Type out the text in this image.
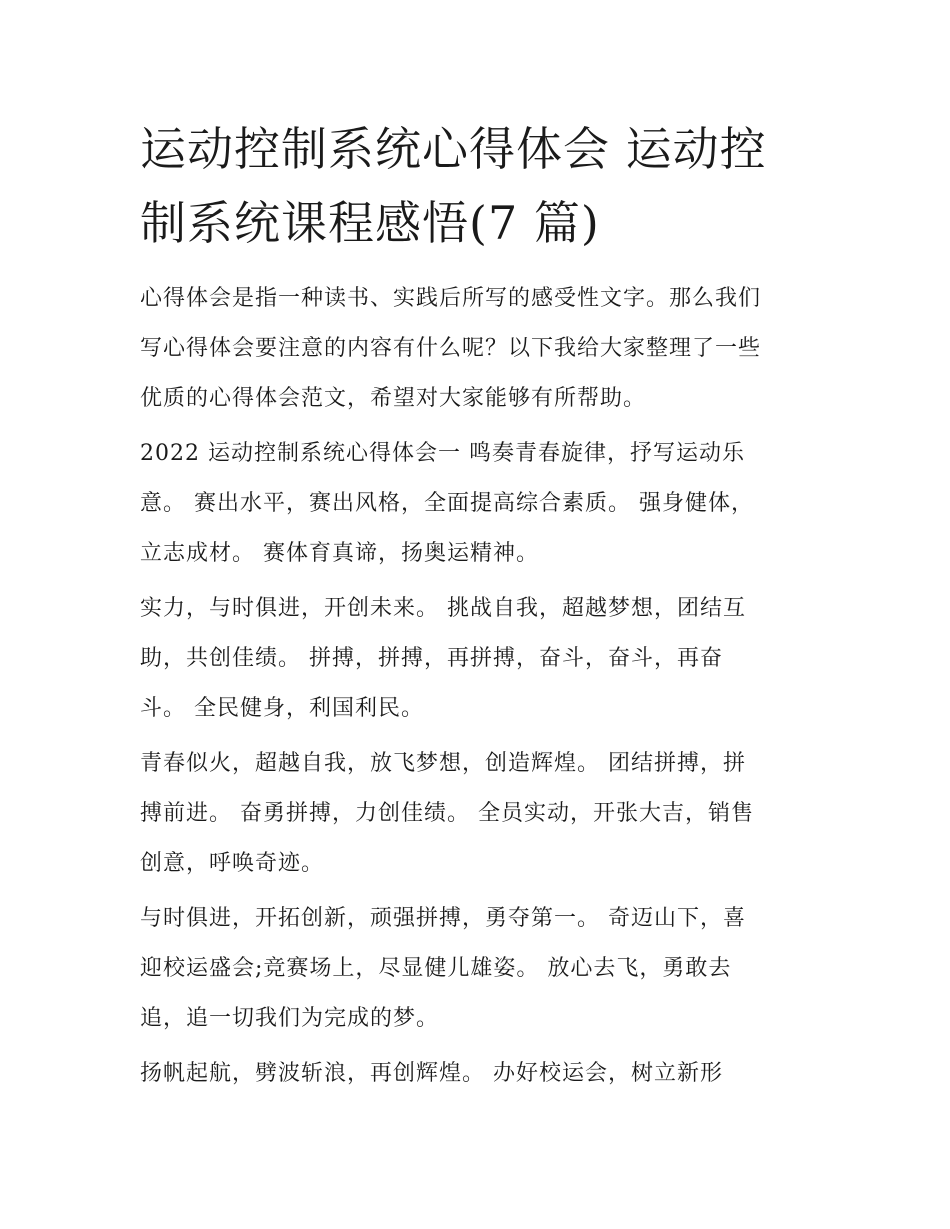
运动控制系统心得体会 运动控
制系统课程感悟(7 篇)

心得体会是指一种读书、实践后所写的感受性文字。那么我们
写心得体会要注意的内容有什么呢？以下我给大家整理了一些
优质的心得体会范文，希望对大家能够有所帮助。

2022 运动控制系统心得体会一 鸣奏青春旋律，抒写运动乐
意。 赛出水平，赛出风格，全面提高综合素质。 强身健体，
立志成材。 赛体育真谛，扬奥运精神。

实力，与时俱进，开创未来。 挑战自我，超越梦想，团结互
助，共创佳绩。 拼搏，拼搏，再拼搏，奋斗，奋斗，再奋
斗。 全民健身，利国利民。

青春似火，超越自我，放飞梦想，创造辉煌。 团结拼搏，拼
搏前进。 奋勇拼搏，力创佳绩。 全员实动，开张大吉，销售
创意，呼唤奇迹。

与时俱进，开拓创新，顽强拼搏，勇夺第一。 奇迈山下，喜
迎校运盛会;竞赛场上，尽显健儿雄姿。 放心去飞，勇敢去
追，追一切我们为完成的梦。

扬帆起航，劈波斩浪，再创辉煌。 办好校运会，树立新形
